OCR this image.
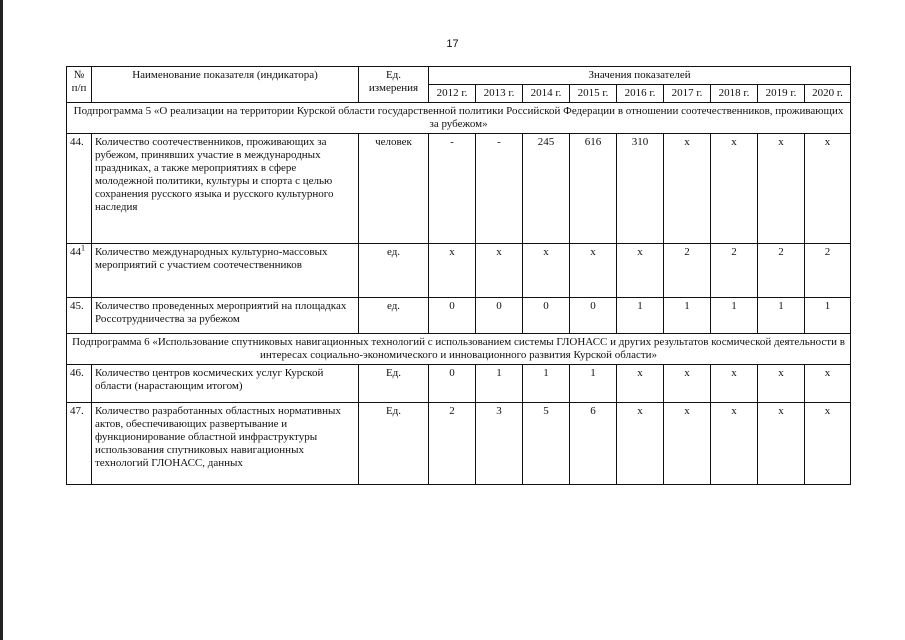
17
№ п/п	Наименование показателя (индикатора)	Ед. измерения	Значения показателей								
			2012 г.	2013 г.	2014 г.	2015 г.	2016 г.	2017 г.	2018 г.	2019 г.	2020 г.
Подпрограмма 5 «О реализации на территории Курской области государственной политики Российской Федерации в отношении соотечественников, проживающих за рубежом»											
44.	Количество соотечественников, проживающих за рубежом, принявших участие в международных праздниках, а также мероприятиях в сфере молодежной политики, культуры и спорта с целью сохранения русского языка и русского культурного наследия	человек	-	-	245	616	310	x	x	x	x
$44^1$	Количество международных культурно-массовых мероприятий с участием соотечественников	ед.	x	x	x	x	x	2	2	2	2
45.	Количество проведенных мероприятий на площадках Россотрудничества за рубежом	ед.	0	0	0	0	1	1	1	1	1
Подпрограмма 6 «Использование спутниковых навигационных технологий с использованием системы ГЛОНАСС и других результатов космической деятельности в интересах социально-экономического и инновационного развития Курской области»											
46.	Количество центров космических услуг Курской области (нарастающим итогом)	Ед.	0	1	1	1	x	x	x	x	x
47.	Количество разработанных областных нормативных актов, обеспечивающих развертывание и функционирование областной инфраструктуры использования спутниковых навигационных технологий ГЛОНАСС, данных	Ед.	2	3	5	6	x	x	x	x	x
